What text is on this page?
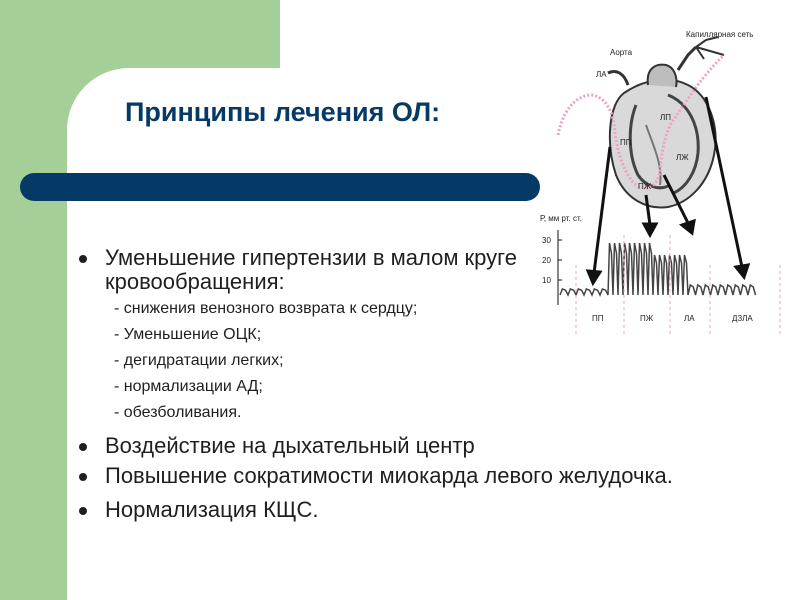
Принципы лечения ОЛ:
Уменьшение гипертензии в малом круге кровообращения:
- снижения венозного возврата к сердцу;
- Уменьшение ОЦК;
- дегидратации легких;
- нормализации АД;
- обезболивания.
Воздействие на дыхательный центр
Повышение сократимости миокарда левого желудочка.
Нормализация КЩС.
Капиллярная сеть
Аорта
ЛА
ЛП
ПП
ЛЖ
ПЖ
Р, мм рт. ст.
30
20
10
ПП	ПЖ	ЛА	ДЗЛА
